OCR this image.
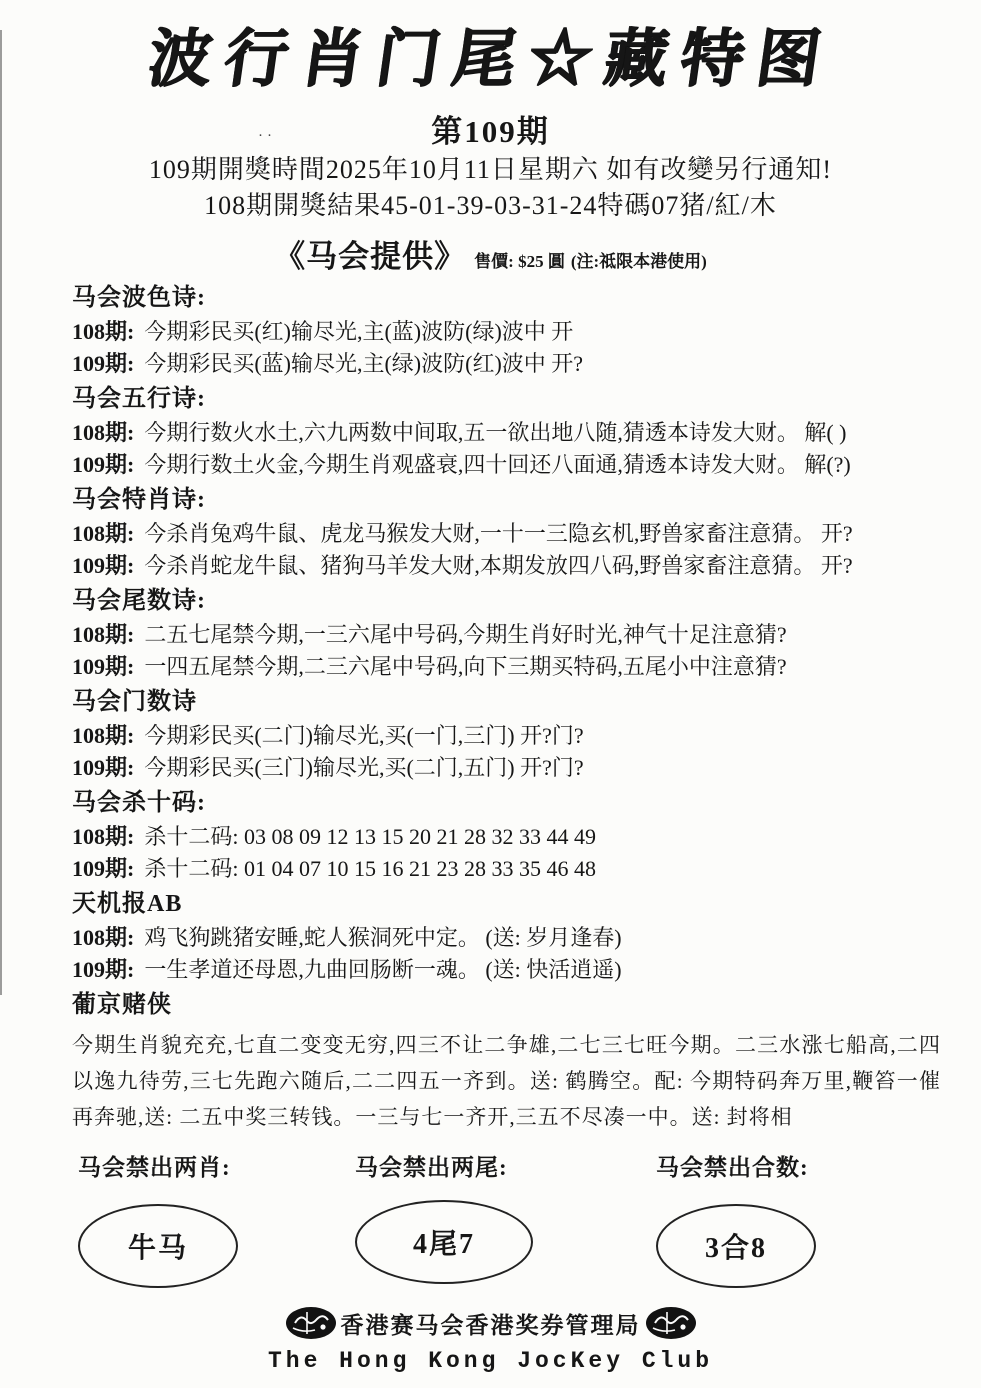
波行肖门尾☆藏特图
··	第109期
109期開獎時間2025年10月11日星期六 如有改變另行通知!
108期開獎結果45-01-39-03-31-24特碼07猪/紅/木
《马会提供》 售價: $25 圓 (注:祗限本港使用)
马会波色诗:
108期: 今期彩民买(红)输尽光,主(蓝)波防(绿)波中 开
109期: 今期彩民买(蓝)输尽光,主(绿)波防(红)波中 开?
马会五行诗:
108期: 今期行数火水土,六九两数中间取,五一欲出地八随,猜透本诗发大财。 解( )
109期: 今期行数土火金,今期生肖观盛衰,四十回还八面通,猜透本诗发大财。 解(?)
马会特肖诗:
108期: 今杀肖兔鸡牛鼠、虎龙马猴发大财,一十一三隐玄机,野兽家畜注意猜。 开?
109期: 今杀肖蛇龙牛鼠、猪狗马羊发大财,本期发放四八码,野兽家畜注意猜。 开?
马会尾数诗:
108期: 二五七尾禁今期,一三六尾中号码,今期生肖好时光,神气十足注意猜?
109期: 一四五尾禁今期,二三六尾中号码,向下三期买特码,五尾小中注意猜?
马会门数诗
108期: 今期彩民买(二门)输尽光,买(一门,三门) 开?门?
109期: 今期彩民买(三门)输尽光,买(二门,五门) 开?门?
马会杀十码:
108期: 杀十二码: 03 08 09 12 13 15 20 21 28 32 33 44 49
109期: 杀十二码: 01 04 07 10 15 16 21 23 28 33 35 46 48
天机报AB
108期: 鸡飞狗跳猪安睡,蛇人猴洞死中定。 (送: 岁月逢春)
109期: 一生孝道还母恩,九曲回肠断一魂。 (送: 快活逍遥)
葡京赌侠
今期生肖貌充充,七直二变变无穷,四三不让二争雄,二七三七旺今期。二三水涨七船高,二四以逸九待劳,三七先跑六随后,二二四五一齐到。送: 鹤腾空。配: 今期特码奔万里,鞭笞一催再奔驰,送: 二五中奖三转钱。一三与七一齐开,三五不尽凑一中。送: 封将相
马会禁出两肖:
牛马
马会禁出两尾:
4尾7
马会禁出合数:
3合8
香港赛马会香港奖券管理局
The Hong Kong JocKey Club
